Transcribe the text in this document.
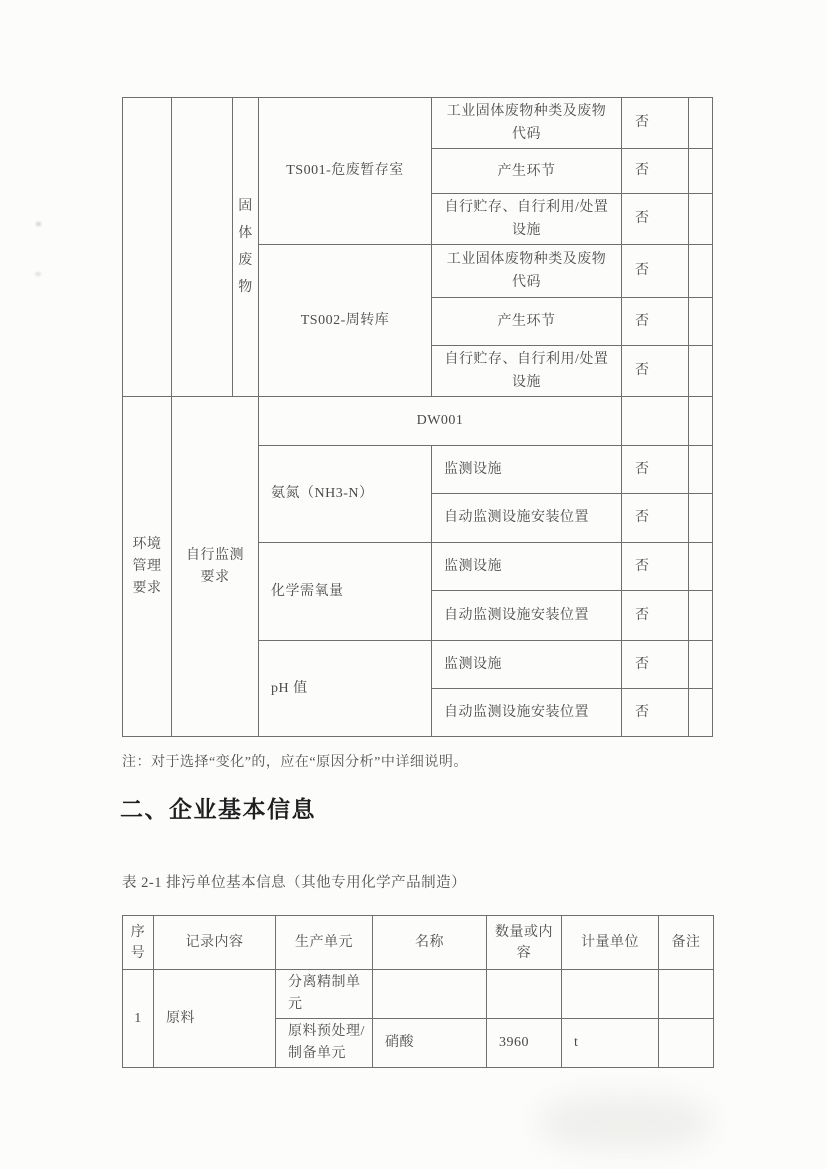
		固体废物	TS001-危废暂存室	工业固体废物种类及废物代码	否	

				产生环节	否	

				自行贮存、自行利用/处置设施	否	
			TS002-周转库	工业固体废物种类及废物代码	否	

				产生环节	否	

				自行贮存、自行利用/处置设施	否	

环境管理要求	自行监测要求		DW001			
			氨氮（NH3-N）	监测设施	否	
				自动监测设施安装位置	否	
			化学需氧量	监测设施	否	
				自动监测设施安装位置	否	
			pH 值	监测设施	否	
				自动监测设施安装位置	否	
注：对于选择“变化”的，应在“原因分析”中详细说明。
二、企业基本信息
表 2-1 排污单位基本信息（其他专用化学产品制造）
序号	记录内容	生产单元	名称	数量或内容	计量单位	备注
1	原料	分离精制单元				
		原料预处理/制备单元	硝酸	3960	t	
